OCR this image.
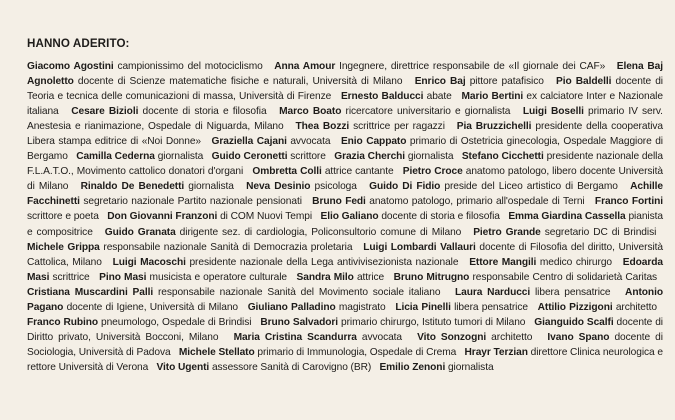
HANNO ADERITO:
Giacomo Agostini campionissimo del motociclismo Anna Amour Ingegnere, direttrice responsabile de «Il giornale dei CAF» Elena Baj Agnoletto docente di Scienze matematiche fisiche e naturali, Università di Milano Enrico Baj pittore patafisico Pio Baldelli docente di Teoria e tecnica delle comunicazioni di massa, Università di Firenze Ernesto Balducci abate Mario Bertini ex calciatore Inter e Nazionale italiana Cesare Bizioli docente di storia e filosofia Marco Boato ricercatore universitario e giornalista Luigi Boselli primario IV serv. Anestesia e rianimazione, Ospedale di Niguarda, Milano Thea Bozzi scrittrice per ragazzi Pia Bruzzichelli presidente della cooperativa Libera stampa editrice di «Noi Donne» Graziella Cajani avvocata Enio Cappato primario di Ostetricia ginecologia, Ospedale Maggiore di Bergamo Camilla Cederna giornalista Guido Ceronetti scrittore Grazia Cherchi giornalista Stefano Cicchetti presidente nazionale della F.L.A.T.O., Movimento cattolico donatori d'organi Ombretta Colli attrice cantante Pietro Croce anatomo patologo, libero docente Università di Milano Rinaldo De Benedetti giornalista Neva Desinio psicologa Guido Di Fidio preside del Liceo artistico di Bergamo Achille Facchinetti segretario nazionale Partito nazionale pensionati Bruno Fedi anatomo patologo, primario all'ospedale di Terni Franco Fortini scrittore e poeta Don Giovanni Franzoni di COM Nuovi Tempi Elio Galiano docente di storia e filosofia Emma Giardina Cassella pianista e compositrice Guido Granata dirigente sez. di cardiologia, Policonsultorio comune di Milano Pietro Grande segretario DC di Brindisi   Michele Grippa responsabile nazionale Sanità di Democrazia proletaria Luigi Lombardi Vallauri docente di Filosofia del diritto, Università Cattolica, Milano Luigi Macoschi presidente nazionale della Lega antivivisezionista nazionale Ettore Mangili medico chirurgo Edoarda Masi scrittrice Pino Masi musicista e operatore culturale Sandra Milo attrice Bruno Mitrugno responsabile Centro di solidarietà Caritas   Cristiana Muscardini Palli responsabile nazionale Sanità del Movimento sociale italiano Laura Narducci libera pensatrice Antonio Pagano docente di Igiene, Università di Milano Giuliano Palladino magistrato Licia Pinelli libera pensatrice Attilio Pizzigoni architetto   Franco Rubino pneumologo, Ospedale di Brindisi Bruno Salvadori primario chirurgo, Istituto tumori di Milano Gianguido Scalfi docente di Diritto privato, Università Bocconi, Milano Maria Cristina Scandurra avvocata Vito Sonzogni architetto Ivano Spano docente di Sociologia, Università di Padova Michele Stellato primario di Immunologia, Ospedale di Crema Hrayr Terzian direttore Clinica neurologica e rettore Università di Verona Vito Ugenti assessore Sanità di Carovigno (BR) Emilio Zenoni giornalista
